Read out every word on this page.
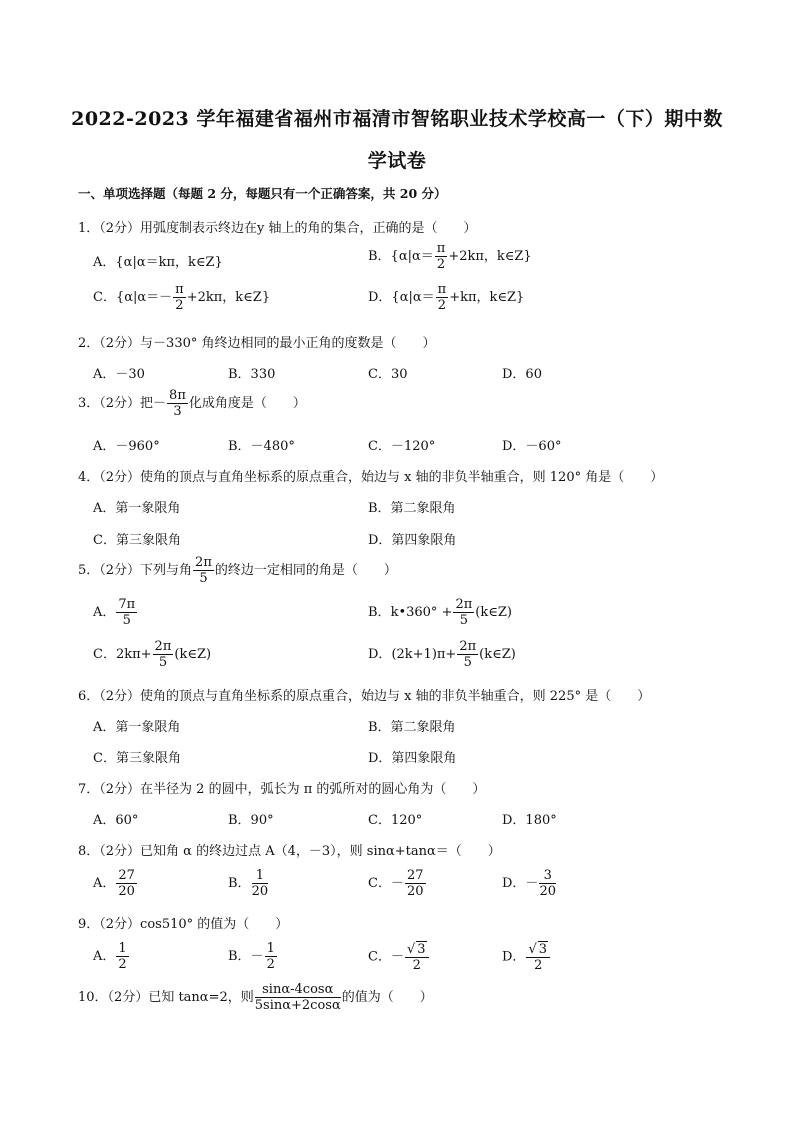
2022-2023 学年福建省福州市福清市智铭职业技术学校高一（下）期中数
学试卷
一、单项选择题（每题 2 分，每题只有一个正确答案，共 20 分）
1．（2分）用弧度制表示终边在y 轴上的角的集合，正确的是（　　）
A．{α|α＝kπ，k∈Z}	B．{$\alpha|\alpha= \frac{\pi}{2} +2k\pi$，k∈Z}
C．{$\alpha|\alpha=- \frac{\pi}{2} +2k\pi$，k∈Z}	D．{$\alpha|\alpha= \frac{\pi}{2} +k\pi$，k∈Z}
2．（2分）与－330° 角终边相同的最小正角的度数是（　　）
A．－30	B．330	C．30	D．60
3．（2分）把－ $\frac{8\pi}{3}$ 化成角度是（　　）
A．－960°	B．－480°	C．－120°	D．－60°
4．（2分）使角的顶点与直角坐标系的原点重合，始边与 x 轴的非负半轴重合，则 120° 角是（　　）
A．第一象限角	B．第二象限角
C．第三象限角	D．第四象限角
5．（2分）下列与角 $\frac{2\pi}{5}$ 的终边一定相同的角是（　　）
A． $\frac{7\pi}{5}$	B．k•360° + $\frac{2\pi}{5}$ (k∈Z)
C．$2k\pi+ \frac{2\pi}{5}$ (k∈Z)	D．$(2k+1)\pi+ \frac{2\pi}{5}$ (k∈Z)
6．（2分）使角的顶点与直角坐标系的原点重合，始边与 x 轴的非负半轴重合，则 225° 是（　　）
A．第一象限角	B．第二象限角
C．第三象限角	D．第四象限角
7．（2分）在半径为 2 的圆中，弧长为 π 的弧所对的圆心角为（　　）
A．60°	B．90°	C．120°	D．180°
8．（2分）已知角 α 的终边过点 A（4，－3），则 sinα+tanα＝（　　）
A． $\frac{27}{20}$	B． $\frac{1}{20}$	C．－ $\frac{27}{20}$	D．－ $\frac{3}{20}$
9．（2分）cos510° 的值为（　　）
A． $\frac{1}{2}$	B．－ $\frac{1}{2}$	C．－ $\frac{√ 3}{2}$	D． $\frac{√ 3}{2}$
10．（2分）已知 tanα=2，则 $\frac{\sin\alpha-4\cos\alpha}{5\sin\alpha+2\cos\alpha}$ 的值为（　　）
